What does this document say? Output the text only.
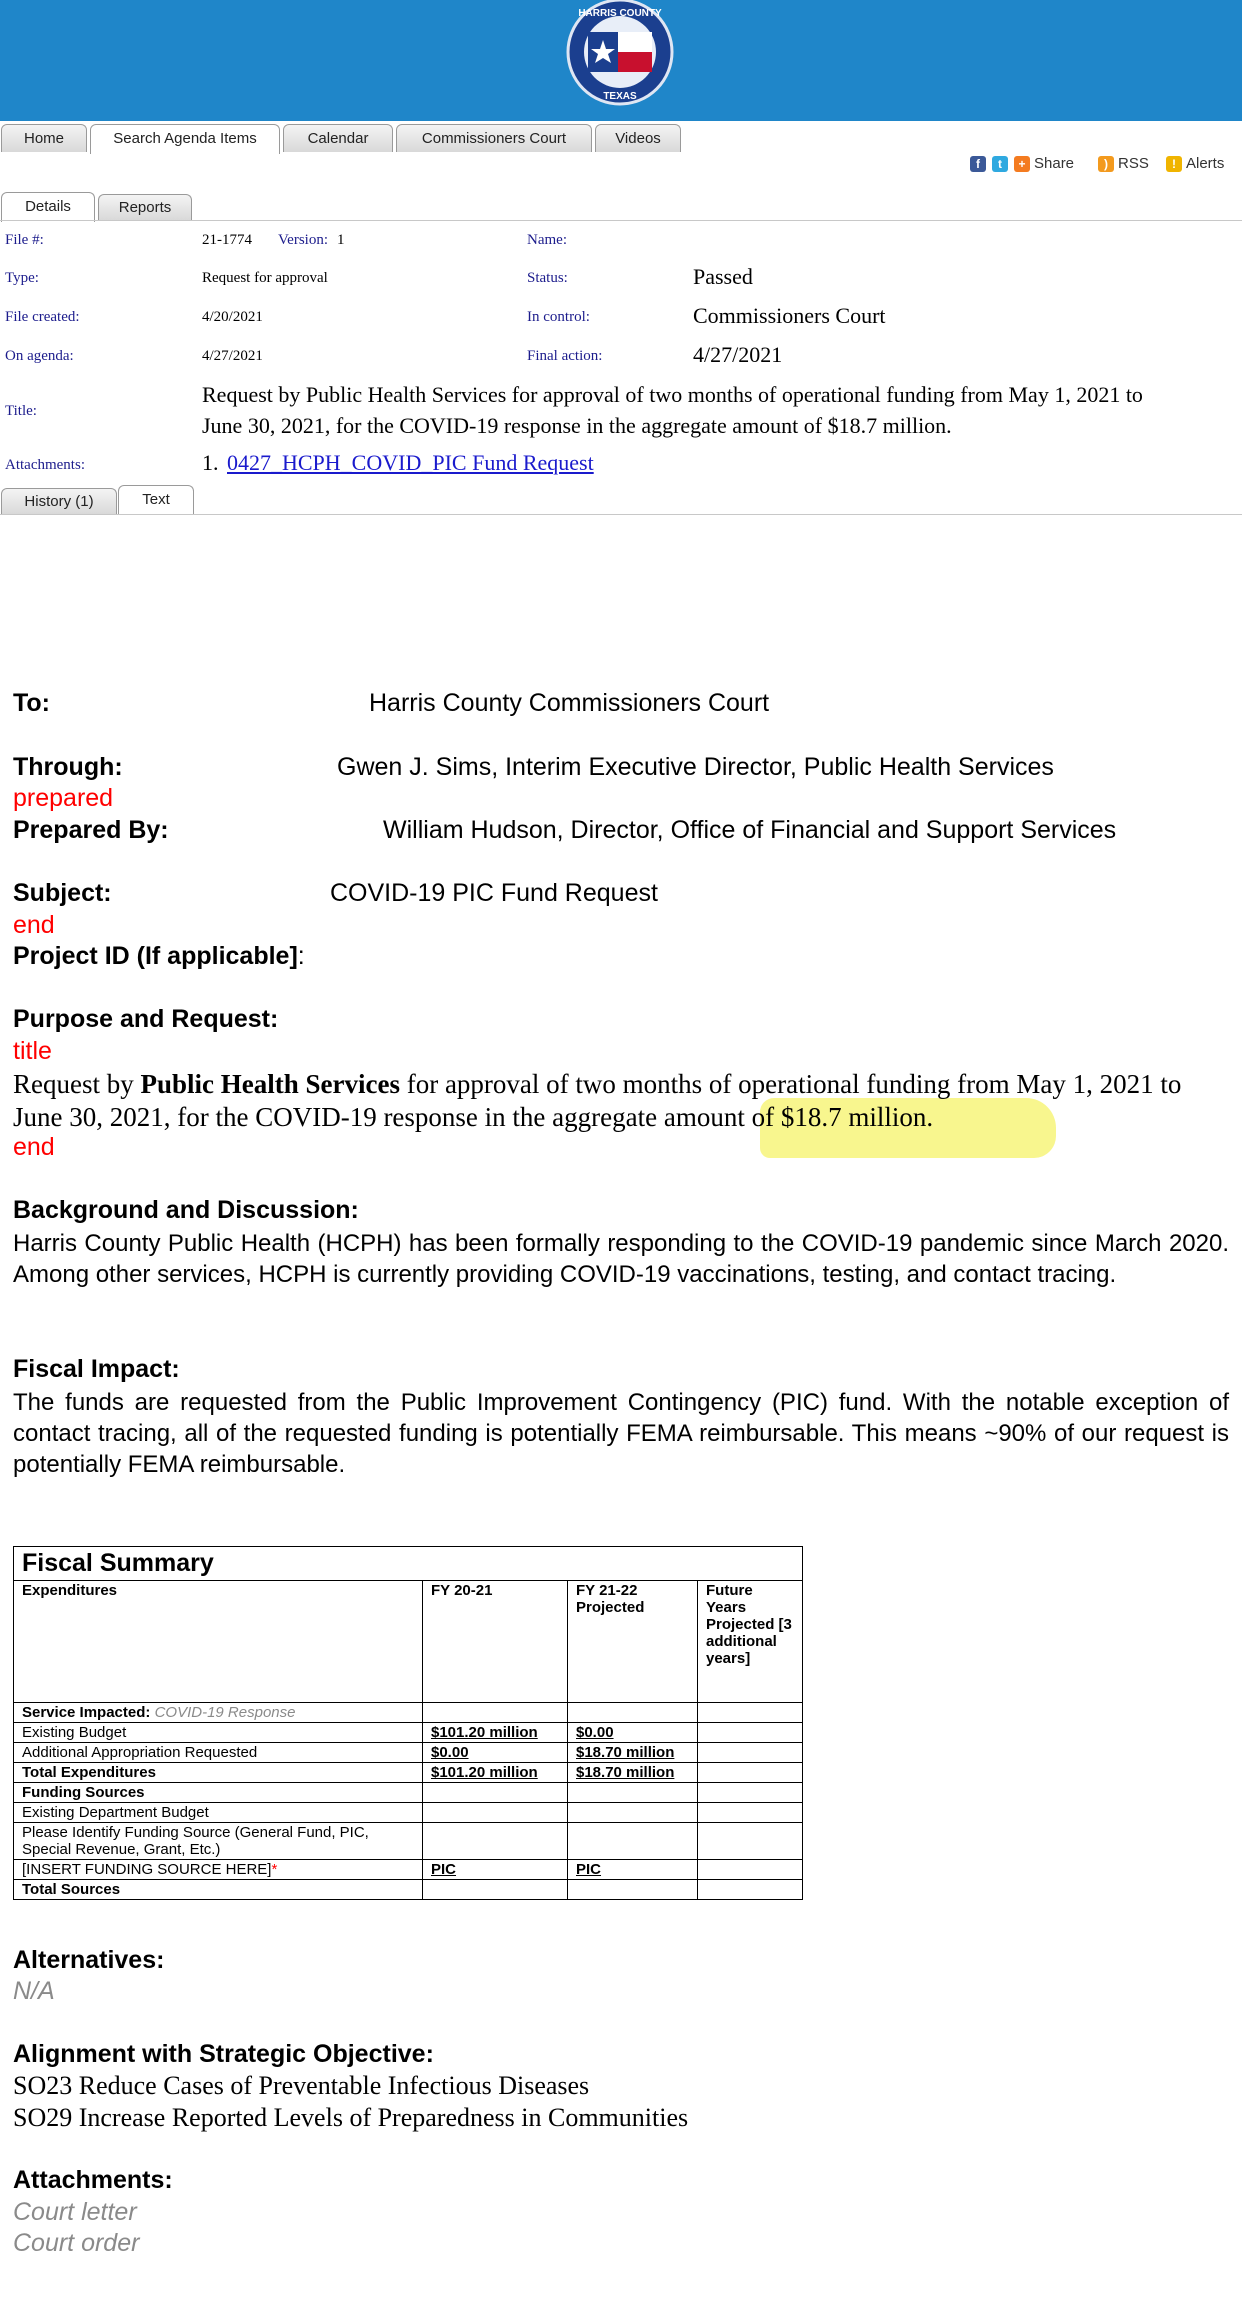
HARRIS COUNTY
TEXAS
Home	Search Agenda Items	Calendar	Commissioners Court	Videos
f	t	+ Share	) RSS	! Alerts
Details	Reports
File #:	21-1774 Version: 1	Name:
Type:	Request for approval	Status:	Passed
File created:	4/20/2021	In control:	Commissioners Court
On agenda:	4/27/2021	Final action:	4/27/2021
Title:
Request by Public Health Services for approval of two months of operational funding from May 1, 2021 to
June 30, 2021, for the COVID-19 response in the aggregate amount of $18.7 million.
Attachments:	1. 0427_HCPH_COVID_PIC Fund Request
History (1)	Text
To:	Harris County Commissioners Court
Through:	Gwen J. Sims, Interim Executive Director, Public Health Services
prepared
Prepared By:	William Hudson, Director, Office of Financial and Support Services
Subject:	COVID-19 PIC Fund Request
end
Project ID (If applicable]:
Purpose and Request:
title
Request by Public Health Services for approval of two months of operational funding from May 1, 2021 to
June 30, 2021, for the COVID-19 response in the aggregate amount of $18.7 million.
end
Background and Discussion:
Harris County Public Health (HCPH) has been formally responding to the COVID-19 pandemic since March 2020. Among other services, HCPH is currently providing COVID-19 vaccinations, testing, and contact tracing.
Fiscal Impact:
The funds are requested from the Public Improvement Contingency (PIC) fund. With the notable exception of contact tracing, all of the requested funding is potentially FEMA reimbursable. This means ~90% of our request is potentially FEMA reimbursable.
Fiscal Summary			
Expenditures	FY 20-21	FY 21-22 Projected	Future Years Projected [3 additional years]
Service Impacted: COVID-19 Response			
Existing Budget	$101.20 million	$0.00	
Additional Appropriation Requested	$0.00	$18.70 million	
Total Expenditures	$101.20 million	$18.70 million	
Funding Sources			
Existing Department Budget			
Please Identify Funding Source (General Fund, PIC, Special Revenue, Grant, Etc.)			
[INSERT FUNDING SOURCE HERE]*	PIC	PIC	
Total Sources			
Alternatives:
N/A
Alignment with Strategic Objective:
SO23 Reduce Cases of Preventable Infectious Diseases
SO29 Increase Reported Levels of Preparedness in Communities
Attachments:
Court letter
Court order
